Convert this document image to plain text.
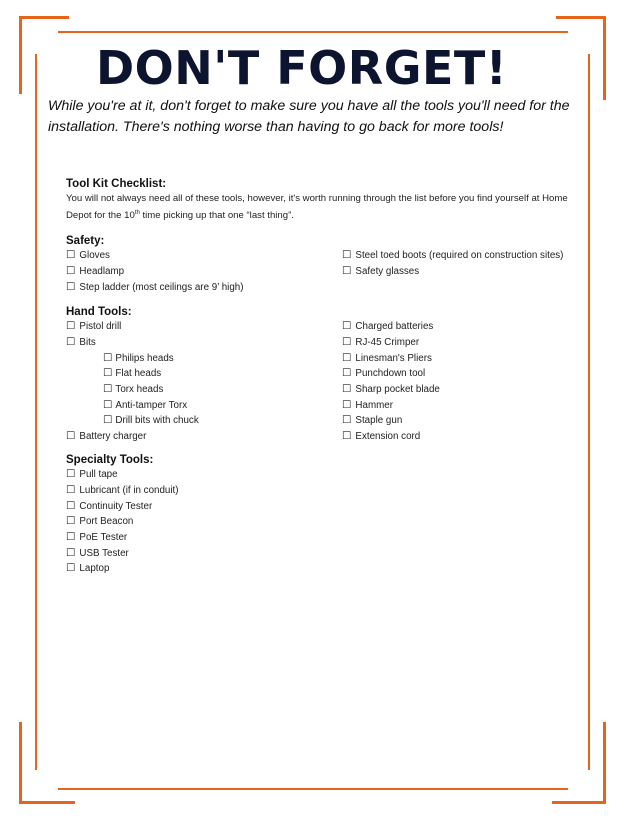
DON'T FORGET!
While you're at it, don't forget to make sure you have all the tools you'll need for the installation. There's nothing worse than having to go back for more tools!
Tool Kit Checklist:
You will not always need all of these tools, however, it's worth running through the list before you find yourself at Home Depot for the 10th time picking up that one “last thing”.
Safety:
☐ Gloves
☐ Headlamp
☐ Step ladder (most ceilings are 9’ high)
☐ Steel toed boots (required on construction sites)
☐ Safety glasses
Hand Tools:
☐ Pistol drill
☐ Bits
☐ Philips heads
☐ Flat heads
☐ Torx heads
☐ Anti-tamper Torx
☐ Drill bits with chuck
☐ Battery charger
☐ Charged batteries
☐ RJ-45 Crimper
☐ Linesman's Pliers
☐ Punchdown tool
☐ Sharp pocket blade
☐ Hammer
☐ Staple gun
☐ Extension cord
Specialty Tools:
☐ Pull tape
☐ Lubricant (if in conduit)
☐ Continuity Tester
☐ Port Beacon
☐ PoE Tester
☐ USB Tester
☐ Laptop
